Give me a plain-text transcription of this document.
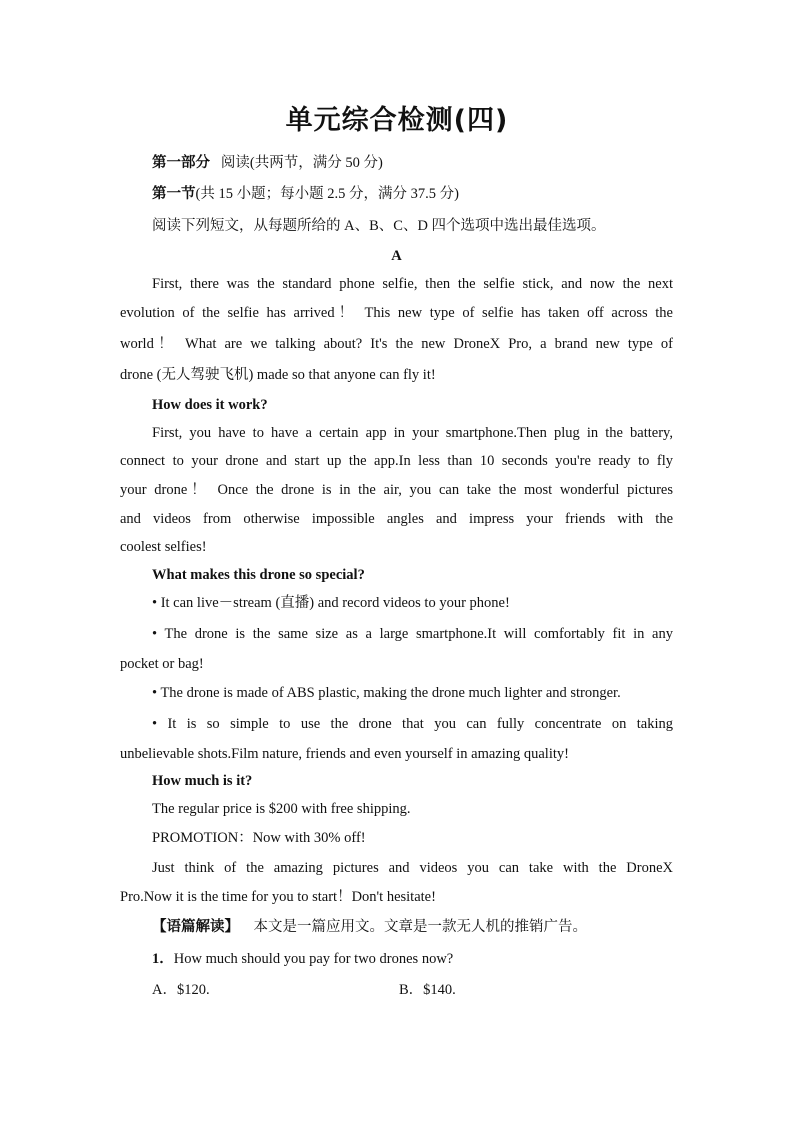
单元综合检测(四)
第一部分 阅读(共两节，满分 50 分)
第一节(共 15 小题；每小题 2.5 分，满分 37.5 分)
阅读下列短文，从每题所给的 A、B、C、D 四个选项中选出最佳选项。
A
First, there was the standard phone selfie, then the selfie stick, and now the next
evolution of the selfie has arrived！ This new type of selfie has taken off across the
world！ What are we talking about? It's the new DroneX Pro, a brand new type of
drone (无人驾驶飞机) made so that anyone can fly it!
How does it work?
First, you have to have a certain app in your smartphone.Then plug in the battery,
connect to your drone and start up the app.In less than 10 seconds you're ready to fly
your drone！ Once the drone is in the air, you can take the most wonderful pictures
and videos from otherwise impossible angles and impress your friends with the
coolest selfies!
What makes this drone so special?
• It can live－stream (直播) and record videos to your phone!
• The drone is the same size as a large smartphone.It will comfortably fit in any
pocket or bag!
• The drone is made of ABS plastic, making the drone much lighter and stronger.
• It is so simple to use the drone that you can fully concentrate on taking
unbelievable shots.Film nature, friends and even yourself in amazing quality!
How much is it?
The regular price is $200 with free shipping.
PROMOTION：Now with 30% off!
Just think of the amazing pictures and videos you can take with the DroneX
Pro.Now it is the time for you to start！Don't hesitate!
【语篇解读】 本文是一篇应用文。文章是一款无人机的推销广告。
1．How much should you pay for two drones now?
A．$120.	B．$140.
